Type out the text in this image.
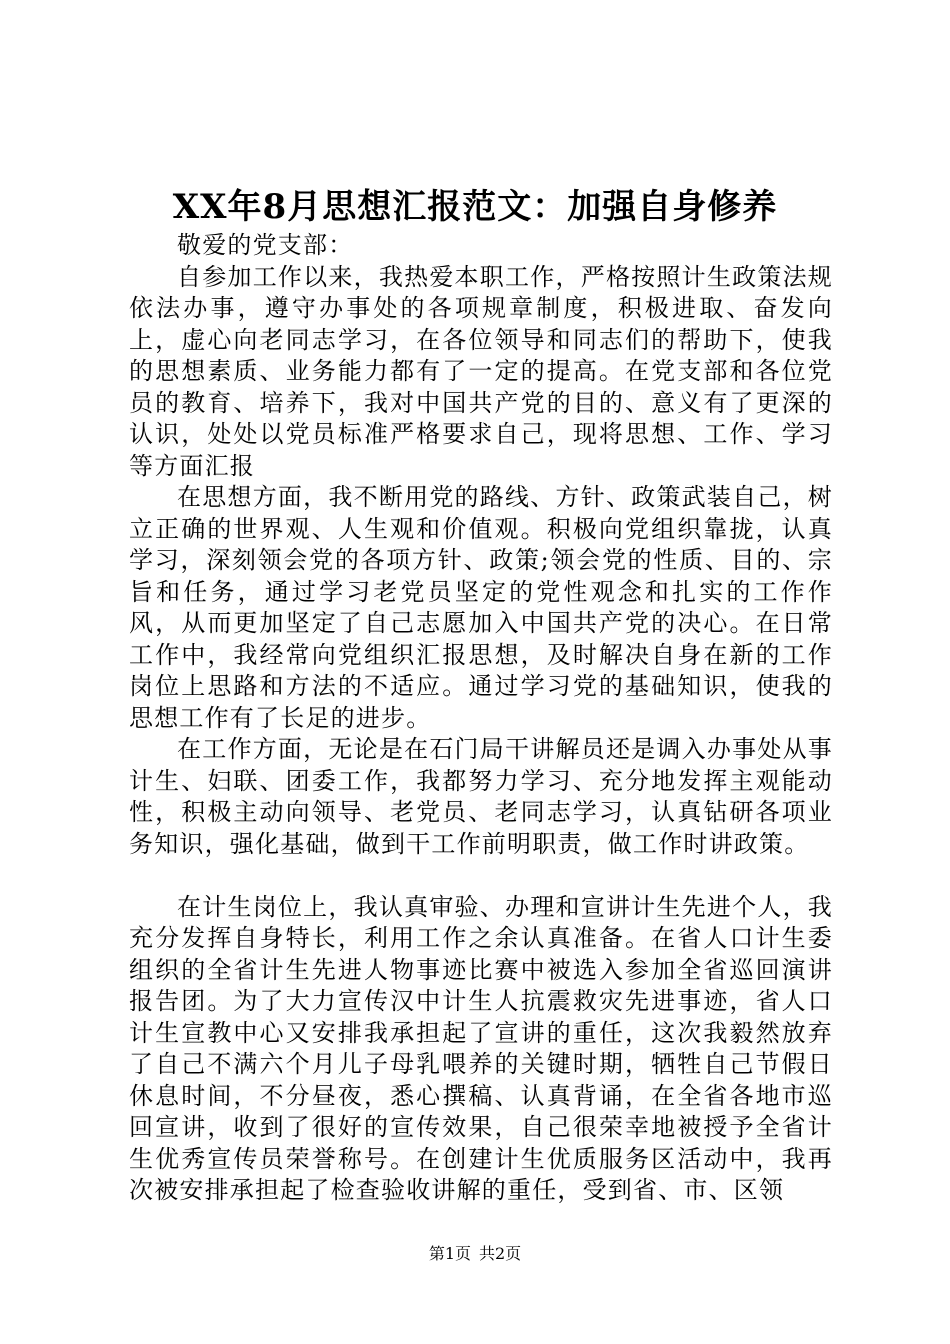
XX年8月思想汇报范文：加强自身修养

敬爱的党支部：

自参加工作以来，我热爱本职工作，严格按照计生政策法规依法办事，遵守办事处的各项规章制度，积极进取、奋发向上，虚心向老同志学习，在各位领导和同志们的帮助下，使我的思想素质、业务能力都有了一定的提高。在党支部和各位党员的教育、培养下，我对中国共产党的目的、意义有了更深的认识，处处以党员标准严格要求自己，现将思想、工作、学习等方面汇报

在思想方面，我不断用党的路线、方针、政策武装自己，树立正确的世界观、人生观和价值观。积极向党组织靠拢，认真学习，深刻领会党的各项方针、政策;领会党的性质、目的、宗旨和任务，通过学习老党员坚定的党性观念和扎实的工作作风，从而更加坚定了自己志愿加入中国共产党的决心。在日常工作中，我经常向党组织汇报思想，及时解决自身在新的工作岗位上思路和方法的不适应。通过学习党的基础知识，使我的思想工作有了长足的进步。

在工作方面，无论是在石门局干讲解员还是调入办事处从事计生、妇联、团委工作，我都努力学习、充分地发挥主观能动性，积极主动向领导、老党员、老同志学习，认真钻研各项业务知识，强化基础，做到干工作前明职责，做工作时讲政策。

在计生岗位上，我认真审验、办理和宣讲计生先进个人，我充分发挥自身特长，利用工作之余认真准备。在省人口计生委组织的全省计生先进人物事迹比赛中被选入参加全省巡回演讲报告团。为了大力宣传汉中计生人抗震救灾先进事迹，省人口计生宣教中心又安排我承担起了宣讲的重任，这次我毅然放弃了自己不满六个月儿子母乳喂养的关键时期，牺牲自己节假日休息时间，不分昼夜，悉心撰稿、认真背诵，在全省各地市巡回宣讲，收到了很好的宣传效果，自己很荣幸地被授予全省计生优秀宣传员荣誉称号。在创建计生优质服务区活动中，我再次被安排承担起了检查验收讲解的重任，受到省、市、区领

第1页 共2页
